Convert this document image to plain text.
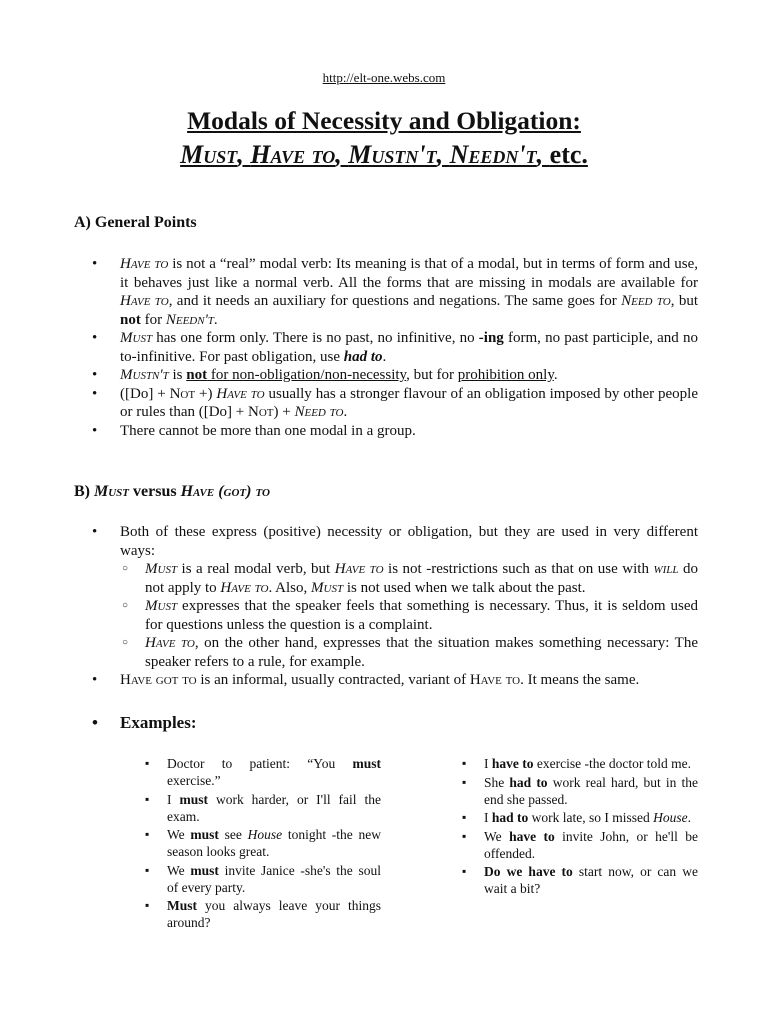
http://elt-one.webs.com
Modals of Necessity and Obligation:
Must, Have to, Mustn't, Needn't, etc.
A) General Points
• Have to is not a “real” modal verb: Its meaning is that of a modal, but in terms of form and use, it behaves just like a normal verb. All the forms that are missing in modals are available for Have to, and it needs an auxiliary for questions and negations. The same goes for Need to, but not for Needn't.
• Must has one form only. There is no past, no infinitive, no -ing form, no past participle, and no to-infinitive. For past obligation, use had to.
• Mustn't is not for non-obligation/non-necessity, but for prohibition only.
• ([Do] + Not +) Have to usually has a stronger flavour of an obligation imposed by other people or rules than ([Do] + Not) + Need to.
• There cannot be more than one modal in a group.
B) Must versus Have (got) to
• Both of these express (positive) necessity or obligation, but they are used in very different ways:
○ Must is a real modal verb, but Have to is not -restrictions such as that on use with will do not apply to Have to. Also, Must is not used when we talk about the past.
○ Must expresses that the speaker feels that something is necessary. Thus, it is seldom used for questions unless the question is a complaint.
○ Have to, on the other hand, expresses that the situation makes something necessary: The speaker refers to a rule, for example.
• Have got to is an informal, usually contracted, variant of Have to. It means the same.
• Examples:
▪ Doctor to patient: “You must exercise.”
▪ I must work harder, or I'll fail the exam.
▪ We must see House tonight -the new season looks great.
▪ We must invite Janice -she's the soul of every party.
▪ Must you always leave your things around?
▪ I have to exercise -the doctor told me.
▪ She had to work real hard, but in the end she passed.
▪ I had to work late, so I missed House.
▪ We have to invite John, or he'll be offended.
▪ Do we have to start now, or can we wait a bit?
